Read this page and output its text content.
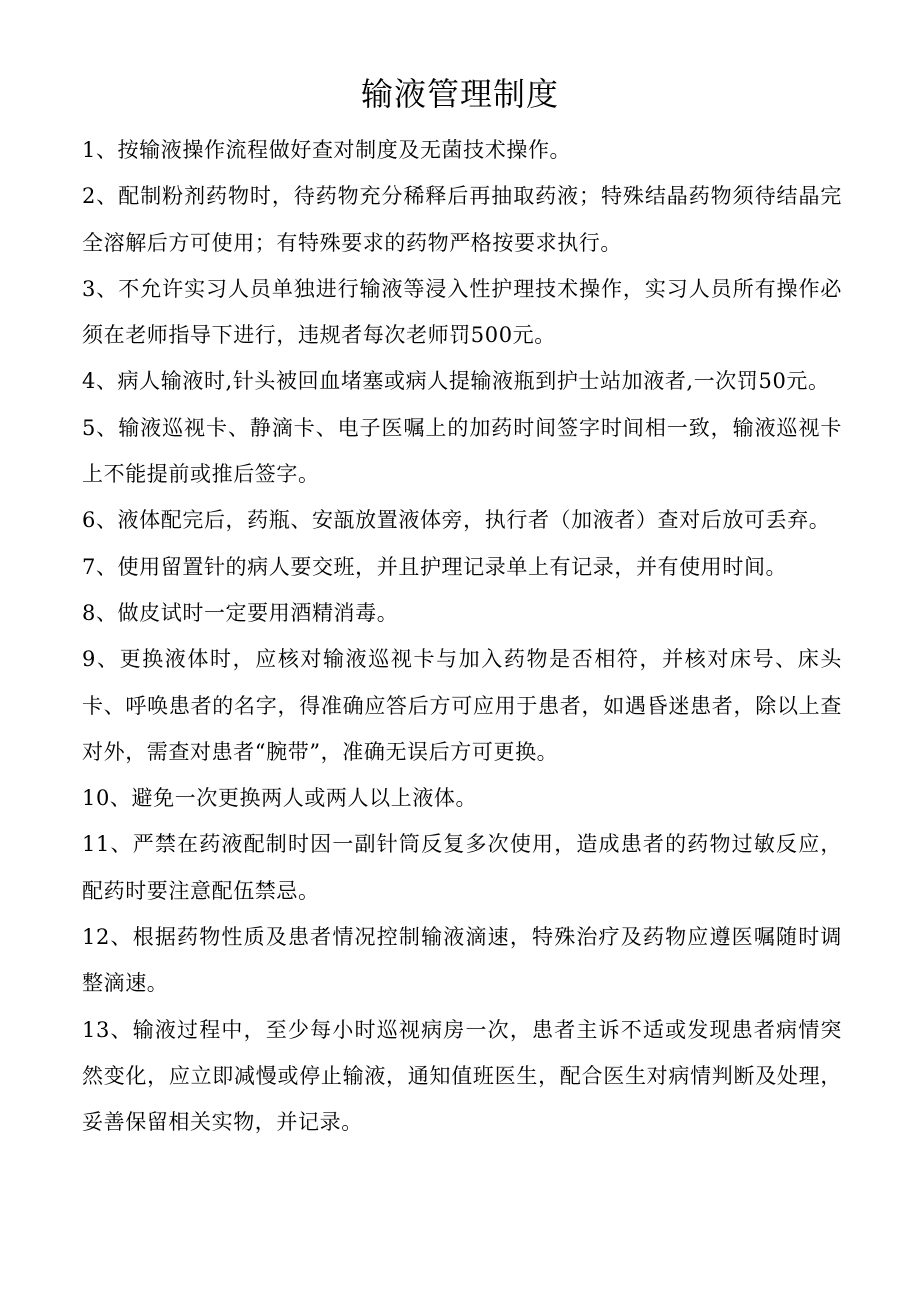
输液管理制度

1、按输液操作流程做好查对制度及无菌技术操作。

2、配制粉剂药物时，待药物充分稀释后再抽取药液；特殊结晶药物须待结晶完全溶解后方可使用；有特殊要求的药物严格按要求执行。

3、不允许实习人员单独进行输液等浸入性护理技术操作，实习人员所有操作必须在老师指导下进行，违规者每次老师罚500元。

4、病人输液时,针头被回血堵塞或病人提输液瓶到护士站加液者,一次罚50元。

5、输液巡视卡、静滴卡、电子医嘱上的加药时间签字时间相一致，输液巡视卡上不能提前或推后签字。

6、液体配完后，药瓶、安瓿放置液体旁，执行者（加液者）查对后放可丢弃。

7、使用留置针的病人要交班，并且护理记录单上有记录，并有使用时间。

8、做皮试时一定要用酒精消毒。

9、更换液体时，应核对输液巡视卡与加入药物是否相符，并核对床号、床头卡、呼唤患者的名字，得准确应答后方可应用于患者，如遇昏迷患者，除以上查对外，需查对患者“腕带”，准确无误后方可更换。

10、避免一次更换两人或两人以上液体。

11、严禁在药液配制时因一副针筒反复多次使用，造成患者的药物过敏反应，配药时要注意配伍禁忌。

12、根据药物性质及患者情况控制输液滴速，特殊治疗及药物应遵医嘱随时调整滴速。

13、输液过程中，至少每小时巡视病房一次，患者主诉不适或发现患者病情突然变化，应立即减慢或停止输液，通知值班医生，配合医生对病情判断及处理，妥善保留相关实物，并记录。
